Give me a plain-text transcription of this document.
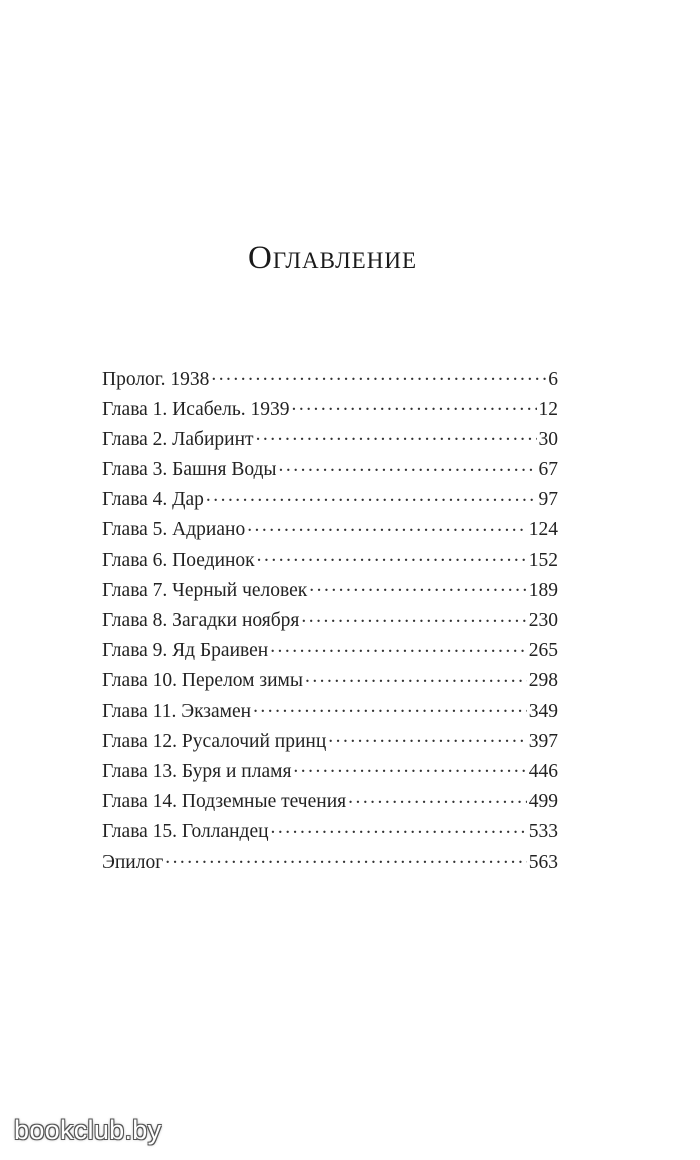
Оглавление
Пролог. 1938 . . .	6
Глава 1. Исабель. 1939 . . .	12
Глава 2. Лабиринт . . .	30
Глава 3. Башня Воды . . .	67
Глава 4. Дар . . .	97
Глава 5. Адриано . . .	124
Глава 6. Поединок . . .	152
Глава 7. Черный человек . . .	189
Глава 8. Загадки ноября . . .	230
Глава 9. Яд Браивен . . .	265
Глава 10. Перелом зимы . . .	298
Глава 11. Экзамен . . .	349
Глава 12. Русалочий принц . . .	397
Глава 13. Буря и пламя . . .	446
Глава 14. Подземные течения . . .	499
Глава 15. Голландец . . .	533
Эпилог . . .	563
bookclub.by
